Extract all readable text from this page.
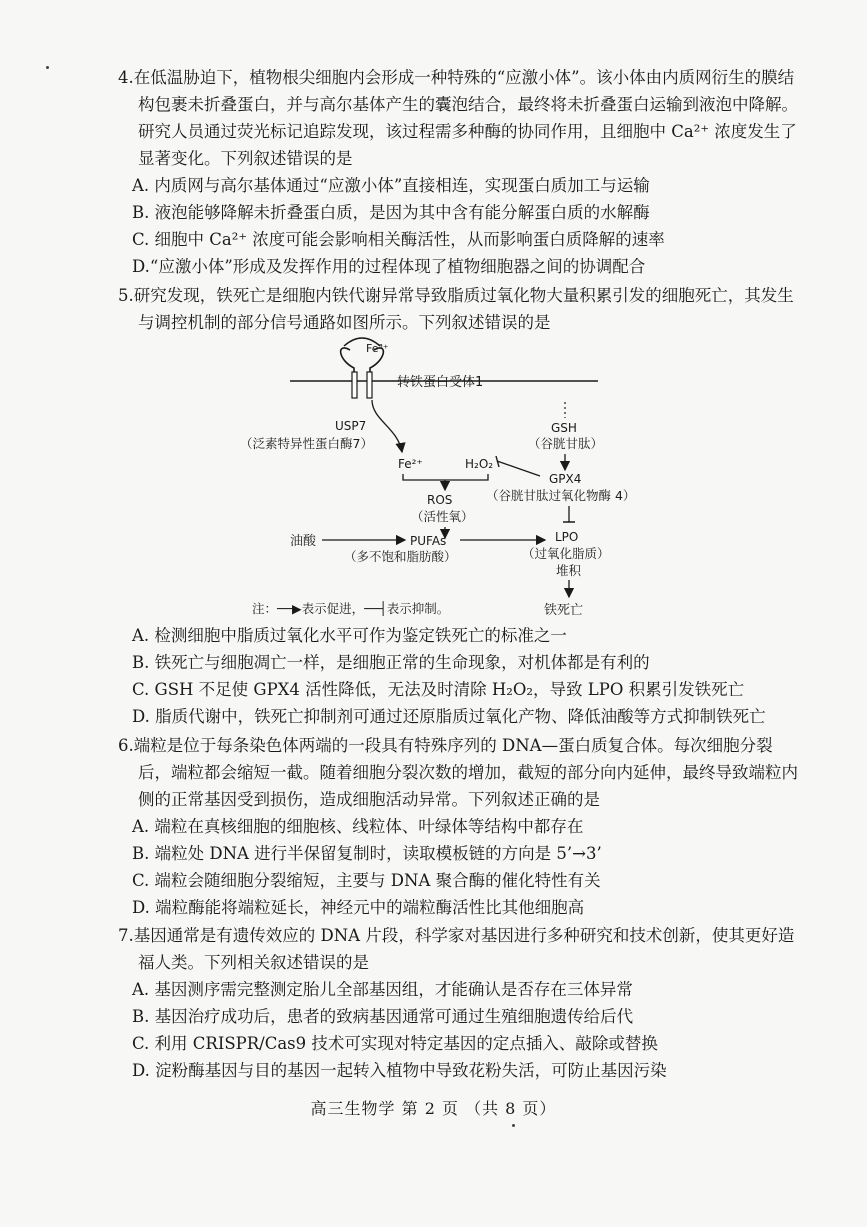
4.在低温胁迫下，植物根尖细胞内会形成一种特殊的“应激小体”。该小体由内质网衍生的膜结构包裹未折叠蛋白，并与高尔基体产生的囊泡结合，最终将未折叠蛋白运输到液泡中降解。研究人员通过荧光标记追踪发现，该过程需多种酶的协同作用，且细胞中 Ca²⁺ 浓度发生了显著变化。下列叙述错误的是

A. 内质网与高尔基体通过“应激小体”直接相连，实现蛋白质加工与运输

B. 液泡能够降解未折叠蛋白质，是因为其中含有能分解蛋白质的水解酶

C. 细胞中 Ca²⁺ 浓度可能会影响相关酶活性，从而影响蛋白质降解的速率

D.“应激小体”形成及发挥作用的过程体现了植物细胞器之间的协调配合

5.研究发现，铁死亡是细胞内铁代谢异常导致脂质过氧化物大量积累引发的细胞死亡，其发生与调控机制的部分信号通路如图所示。下列叙述错误的是

Fe³⁺
转铁蛋白受体1
USP7
（泛素特异性蛋白酶7）
GSH
（谷胱甘肽）
Fe²⁺	H₂O₂
GPX4
（谷胱甘肽过氧化物酶 4）
ROS
（活性氧）
油酸	PUFAs
（多不饱和脂肪酸）
LPO
（过氧化脂质）
堆积
铁死亡
注：──▶表示促进，──┤表示抑制。

A. 检测细胞中脂质过氧化水平可作为鉴定铁死亡的标准之一

B. 铁死亡与细胞凋亡一样，是细胞正常的生命现象，对机体都是有利的

C. GSH 不足使 GPX4 活性降低，无法及时清除 H₂O₂，导致 LPO 积累引发铁死亡

D. 脂质代谢中，铁死亡抑制剂可通过还原脂质过氧化产物、降低油酸等方式抑制铁死亡

6.端粒是位于每条染色体两端的一段具有特殊序列的 DNA—蛋白质复合体。每次细胞分裂后，端粒都会缩短一截。随着细胞分裂次数的增加，截短的部分向内延伸，最终导致端粒内侧的正常基因受到损伤，造成细胞活动异常。下列叙述正确的是

A. 端粒在真核细胞的细胞核、线粒体、叶绿体等结构中都存在

B. 端粒处 DNA 进行半保留复制时，读取模板链的方向是 5’→3’

C. 端粒会随细胞分裂缩短，主要与 DNA 聚合酶的催化特性有关

D. 端粒酶能将端粒延长，神经元中的端粒酶活性比其他细胞高

7.基因通常是有遗传效应的 DNA 片段，科学家对基因进行多种研究和技术创新，使其更好造福人类。下列相关叙述错误的是

A. 基因测序需完整测定胎儿全部基因组，才能确认是否存在三体异常

B. 基因治疗成功后，患者的致病基因通常可通过生殖细胞遗传给后代

C. 利用 CRISPR/Cas9 技术可实现对特定基因的定点插入、敲除或替换

D. 淀粉酶基因与目的基因一起转入植物中导致花粉失活，可防止基因污染

高三生物学 第 2 页 （共 8 页）
